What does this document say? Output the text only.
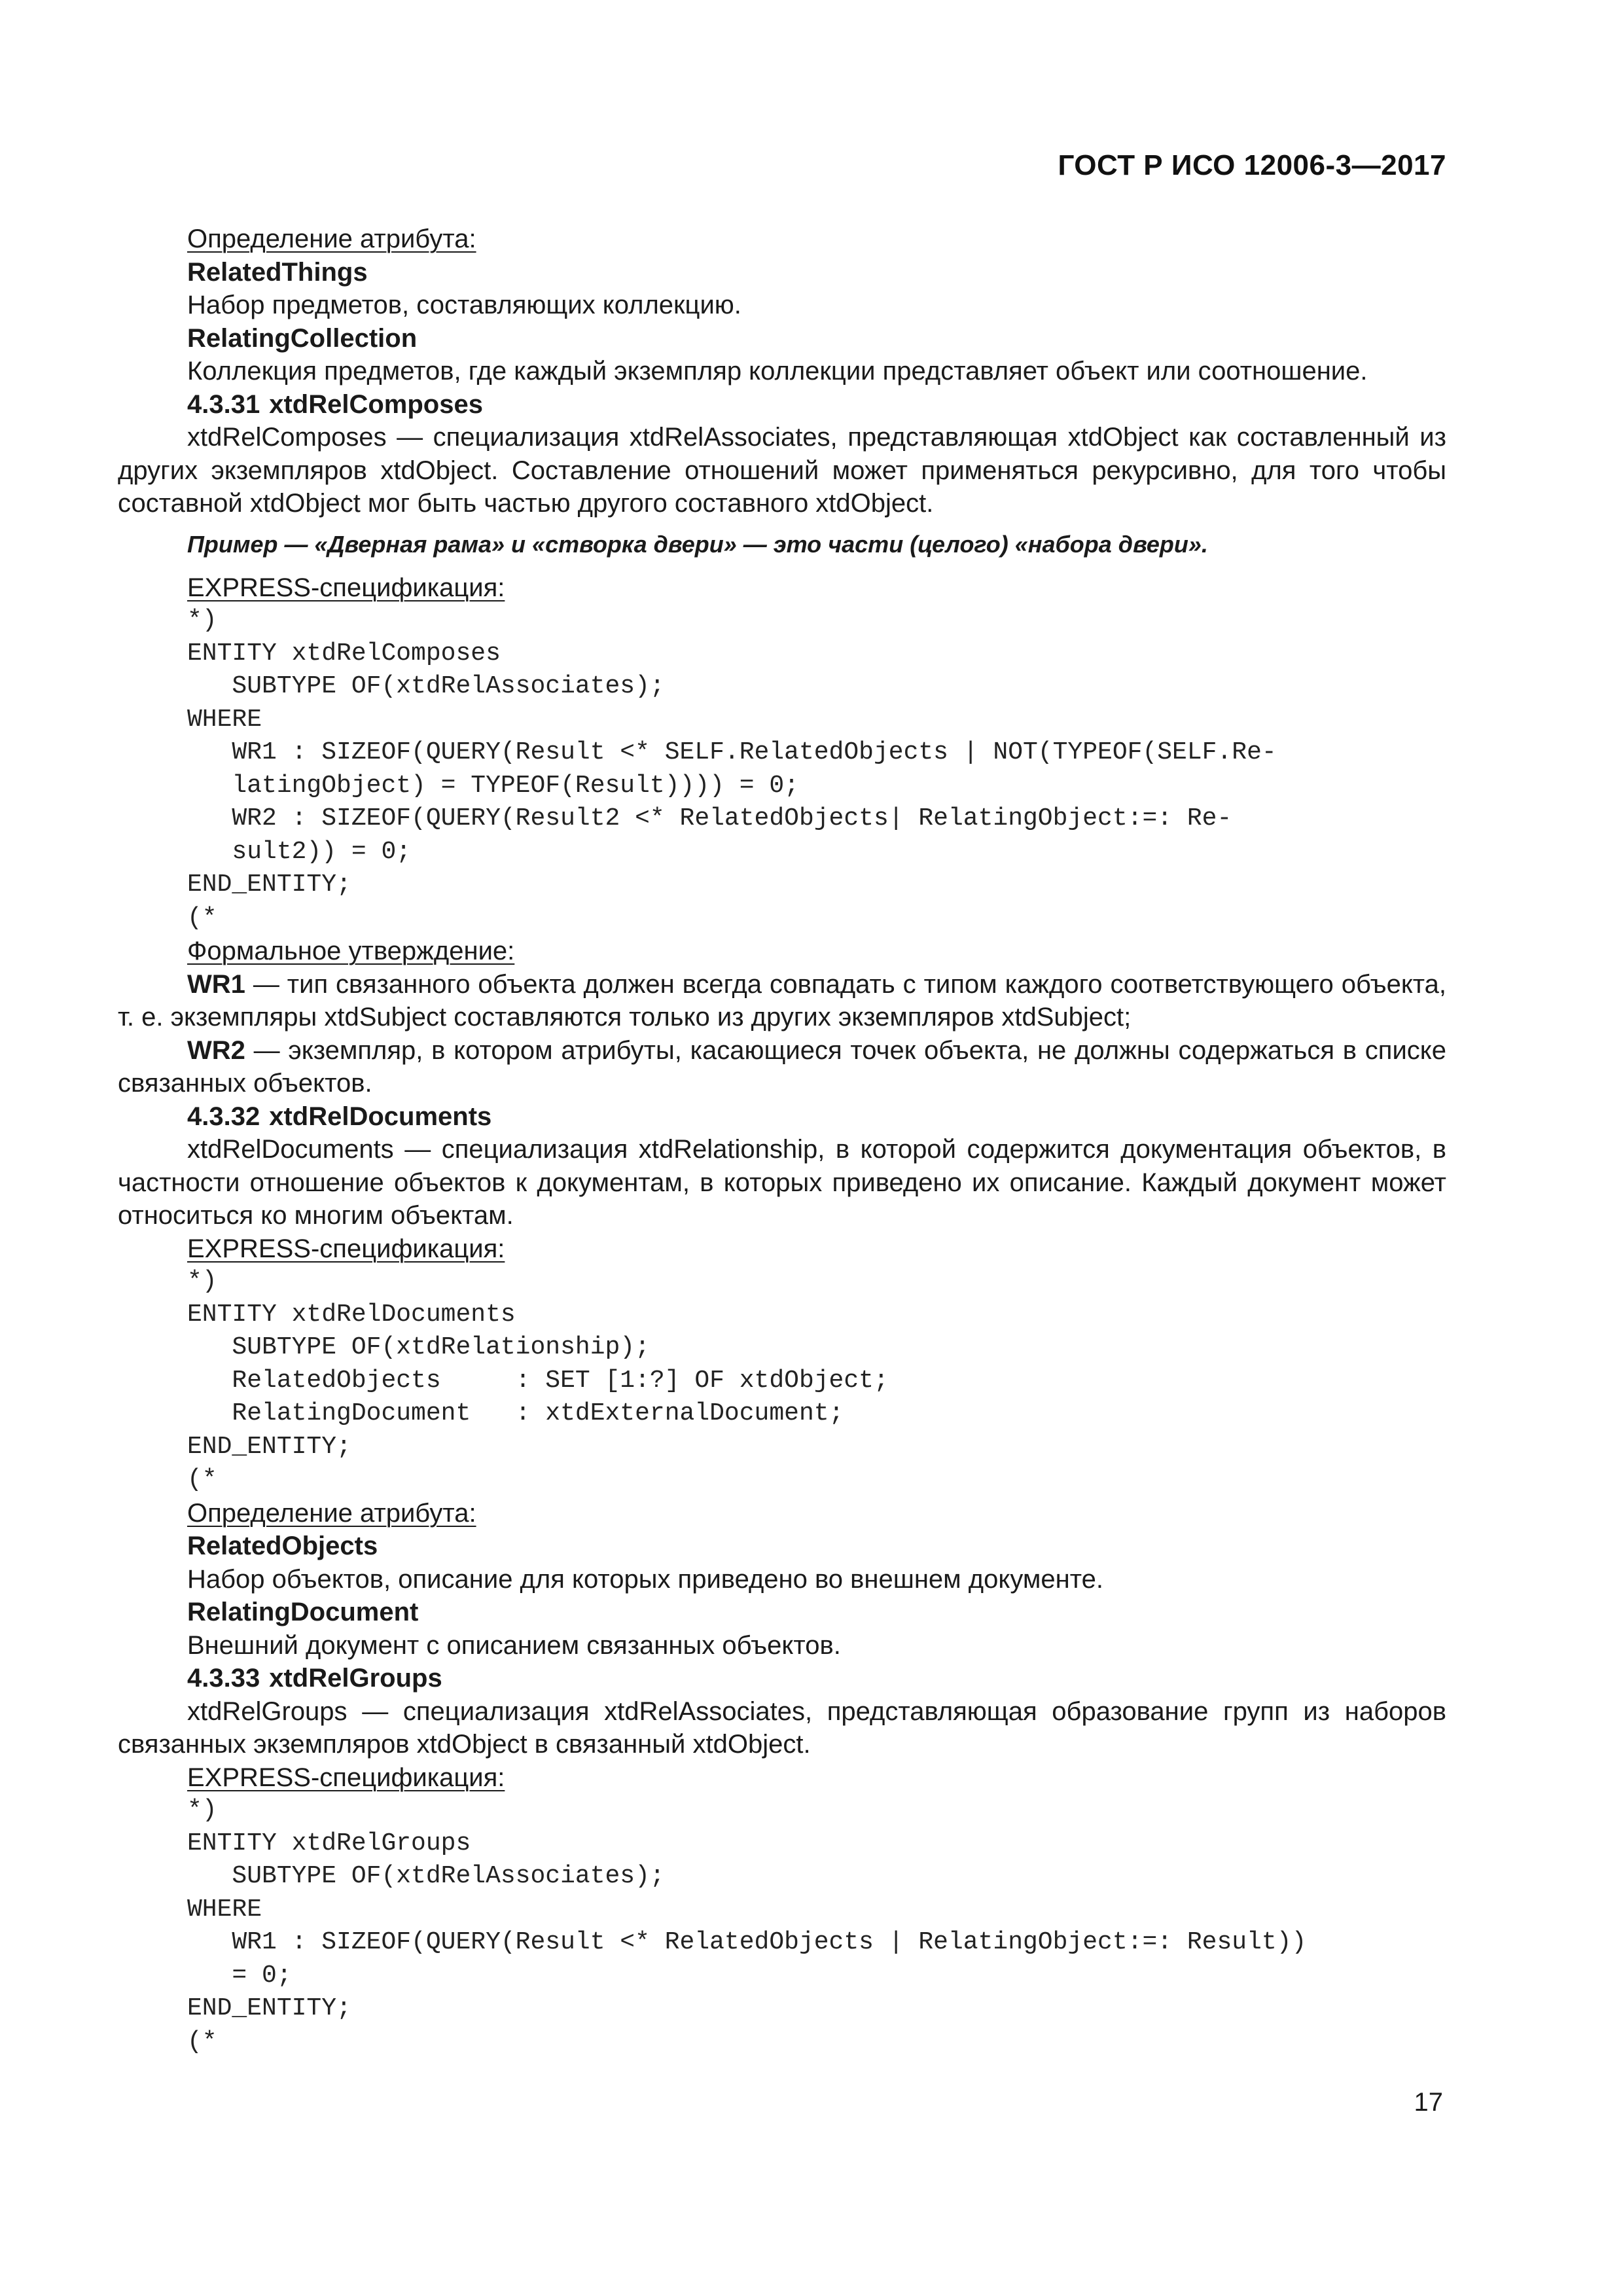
ГОСТ Р ИСО 12006-3—2017

Определение атрибута:

RelatedThings

Набор предметов, составляющих коллекцию.

RelatingCollection

Коллекция предметов, где каждый экземпляр коллекции представляет объект или соотношение.

4.3.31 xtdRelComposes

xtdRelComposes — специализация xtdRelAssociates, представляющая xtdObject как составленный из других экземпляров xtdObject. Составление отношений может применяться рекурсивно, для того чтобы составной xtdObject мог быть частью другого составного xtdObject.

Пример — «Дверная рама» и «створка двери» — это части (целого) «набора двери».

EXPRESS-спецификация:

*)
ENTITY xtdRelComposes
SUBTYPE OF(xtdRelAssociates);
WHERE
WR1 : SIZEOF(QUERY(Result <* SELF.RelatedObjects | NOT(TYPEOF(SELF.Re-
latingObject) = TYPEOF(Result)))) = 0;
WR2 : SIZEOF(QUERY(Result2 <* RelatedObjects| RelatingObject:=: Re-
sult2)) = 0;
END_ENTITY;
(*

Формальное утверждение:

WR1 — тип связанного объекта должен всегда совпадать с типом каждого соответствующего объекта, т. е. экземпляры xtdSubject составляются только из других экземпляров xtdSubject;

WR2 — экземпляр, в котором атрибуты, касающиеся точек объекта, не должны содержаться в списке связанных объектов.

4.3.32 xtdRelDocuments

xtdRelDocuments — специализация xtdRelationship, в которой содержится документация объектов, в частности отношение объектов к документам, в которых приведено их описание. Каждый документ может относиться ко многим объектам.

EXPRESS-спецификация:

*)
ENTITY xtdRelDocuments
SUBTYPE OF(xtdRelationship);
RelatedObjects     : SET [1:?] OF xtdObject;
RelatingDocument   : xtdExternalDocument;
END_ENTITY;
(*

Определение атрибута:

RelatedObjects

Набор объектов, описание для которых приведено во внешнем документе.

RelatingDocument

Внешний документ с описанием связанных объектов.

4.3.33 xtdRelGroups

xtdRelGroups — специализация xtdRelAssociates, представляющая образование групп из наборов связанных экземпляров xtdObject в связанный xtdObject.

EXPRESS-спецификация:

*)
ENTITY xtdRelGroups
SUBTYPE OF(xtdRelAssociates);
WHERE
WR1 : SIZEOF(QUERY(Result <* RelatedObjects | RelatingObject:=: Result))
= 0;
END_ENTITY;
(*
17
